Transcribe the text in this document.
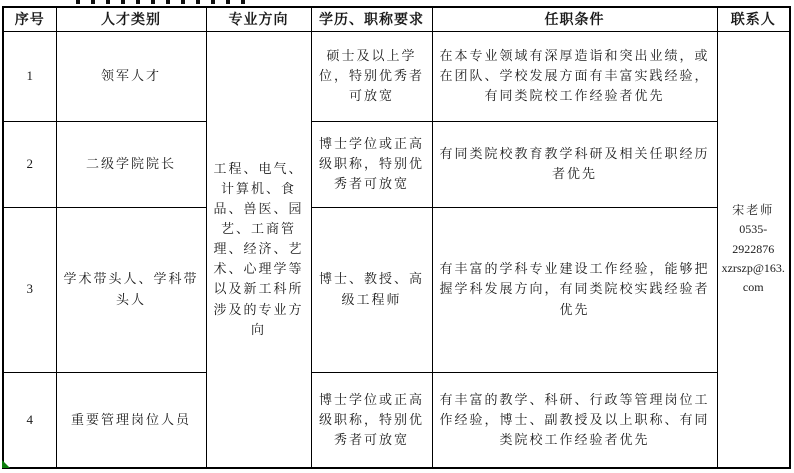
序号	人才类别	专业方向	学历、职称要求	任职条件	联系人
1	领军人才	工程、电气、计算机、食品、兽医、园艺、工商管理、经济、艺术、心理学等以及新工科所涉及的专业方向	硕士及以上学位，特别优秀者可放宽	在本专业领域有深厚造诣和突出业绩，或在团队、学校发展方面有丰富实践经验，有同类院校工作经验者优先	宋老师
0535-2922876
xzrszp@163.com

2	二级学院院长		博士学位或正高级职称，特别优秀者可放宽	有同类院校教育教学科研及相关任职经历者优先	
3	学术带头人、学科带头人		博士、教授、高级工程师	有丰富的学科专业建设工作经验，能够把握学科发展方向，有同类院校实践经验者优先	
4	重要管理岗位人员		博士学位或正高级职称，特别优秀者可放宽	有丰富的教学、科研、行政等管理岗位工作经验，博士、副教授及以上职称、有同类院校工作经验者优先	
